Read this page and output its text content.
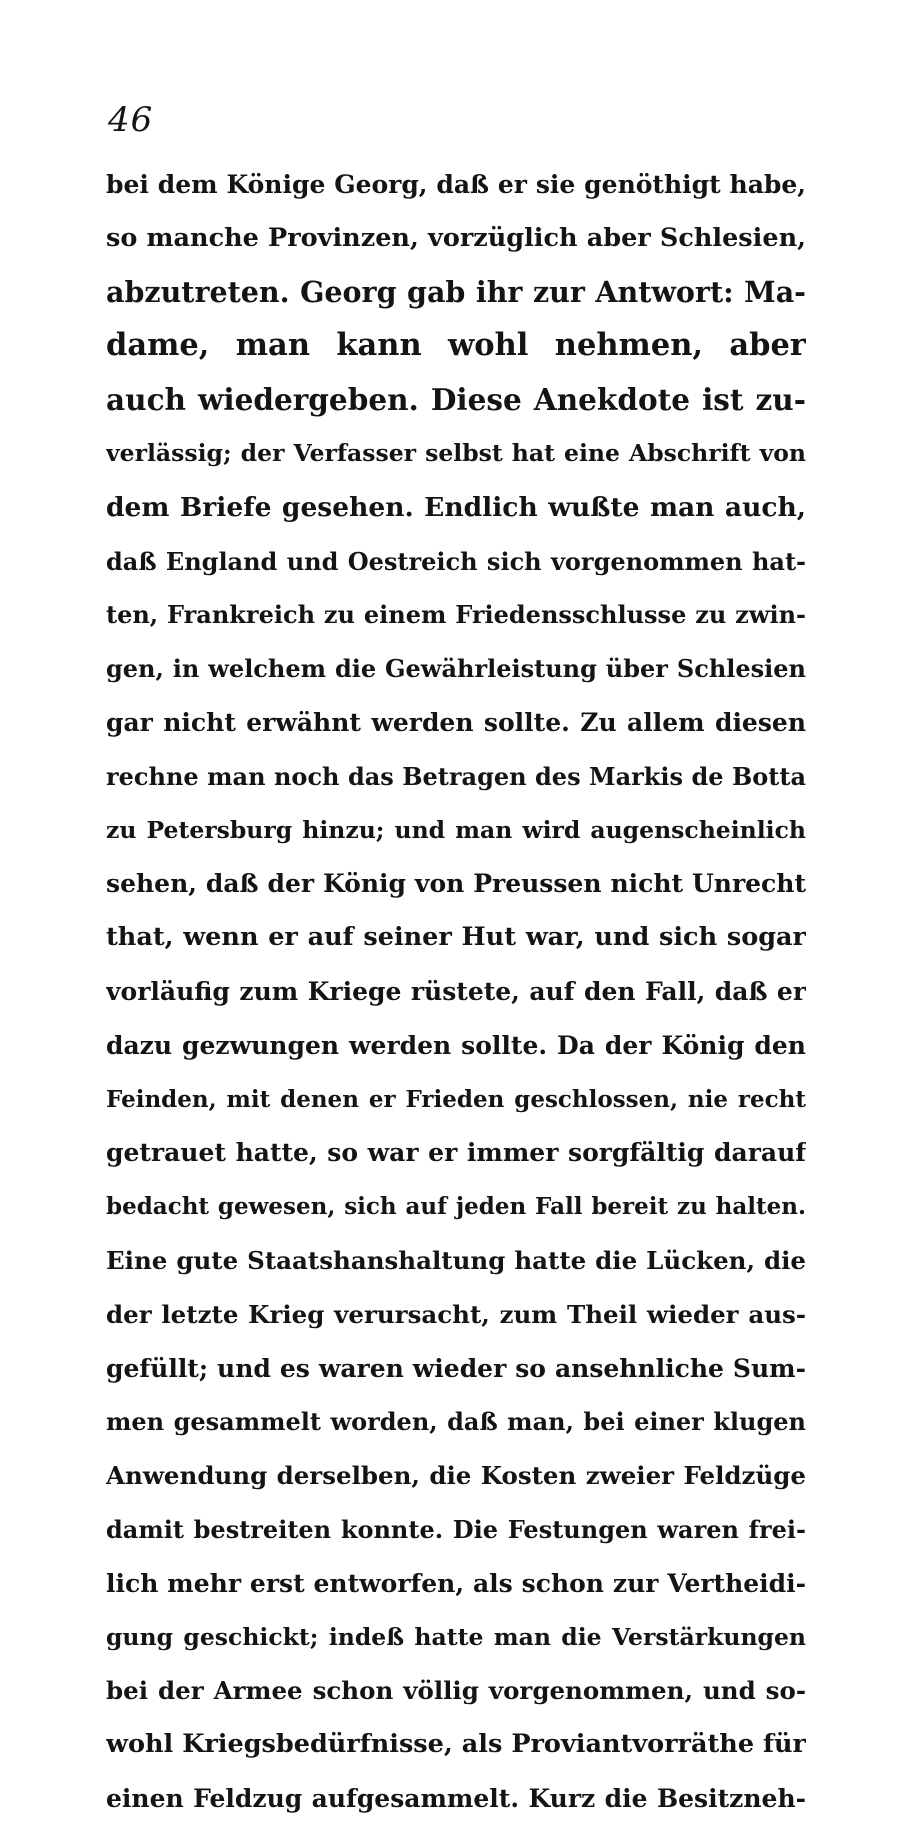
46
bei dem Könige Georg, daß er sie genöthigt habe,
so manche Provinzen, vorzüglich aber Schlesien,
abzutreten. Georg gab ihr zur Antwort: Ma-
dame, man kann wohl nehmen, aber
auch wiedergeben. Diese Anekdote ist zu-
verlässig; der Verfasser selbst hat eine Abschrift von
dem Briefe gesehen. Endlich wußte man auch,
daß England und Oestreich sich vorgenommen hat-
ten, Frankreich zu einem Friedensschlusse zu zwin-
gen, in welchem die Gewährleistung über Schlesien
gar nicht erwähnt werden sollte. Zu allem diesen
rechne man noch das Betragen des Markis de Botta
zu Petersburg hinzu; und man wird augenscheinlich
sehen, daß der König von Preussen nicht Unrecht
that, wenn er auf seiner Hut war, und sich sogar
vorläufig zum Kriege rüstete, auf den Fall, daß er
dazu gezwungen werden sollte. Da der König den
Feinden, mit denen er Frieden geschlossen, nie recht
getrauet hatte, so war er immer sorgfältig darauf
bedacht gewesen, sich auf jeden Fall bereit zu halten.
Eine gute Staatshanshaltung hatte die Lücken, die
der letzte Krieg verursacht, zum Theil wieder aus-
gefüllt; und es waren wieder so ansehnliche Sum-
men gesammelt worden, daß man, bei einer klugen
Anwendung derselben, die Kosten zweier Feldzüge
damit bestreiten konnte. Die Festungen waren frei-
lich mehr erst entworfen, als schon zur Vertheidi-
gung geschickt; indeß hatte man die Verstärkungen
bei der Armee schon völlig vorgenommen, und so-
wohl Kriegsbedürfnisse, als Proviantvorräthe für
einen Feldzug aufgesammelt. Kurz die Besitzneh-
